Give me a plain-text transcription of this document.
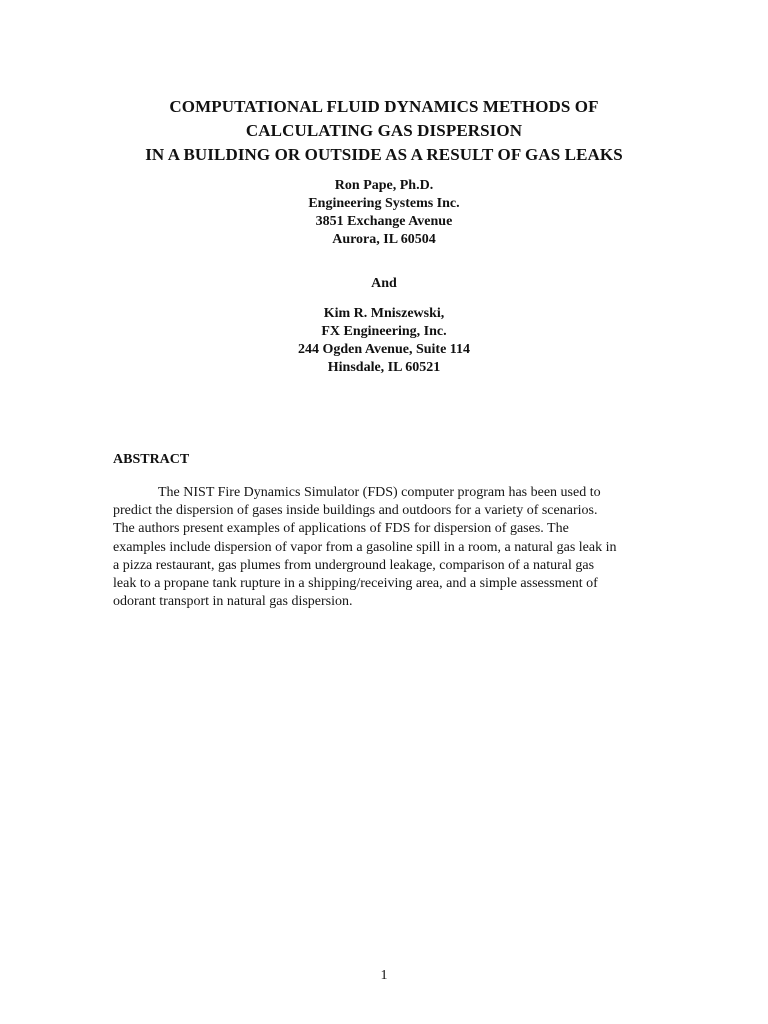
COMPUTATIONAL FLUID DYNAMICS METHODS OF
CALCULATING GAS DISPERSION
IN A BUILDING OR OUTSIDE AS A RESULT OF GAS LEAKS
Ron Pape, Ph.D.
Engineering Systems Inc.
3851 Exchange Avenue
Aurora, IL 60504
And
Kim R. Mniszewski,
FX Engineering, Inc.
244 Ogden Avenue, Suite 114
Hinsdale, IL 60521
ABSTRACT
The NIST Fire Dynamics Simulator (FDS) computer program has been used to
predict the dispersion of gases inside buildings and outdoors for a variety of scenarios.
The authors present examples of applications of FDS for dispersion of gases. The
examples include dispersion of vapor from a gasoline spill in a room, a natural gas leak in
a pizza restaurant, gas plumes from underground leakage, comparison of a natural gas
leak to a propane tank rupture in a shipping/receiving area, and a simple assessment of
odorant transport in natural gas dispersion.
1
